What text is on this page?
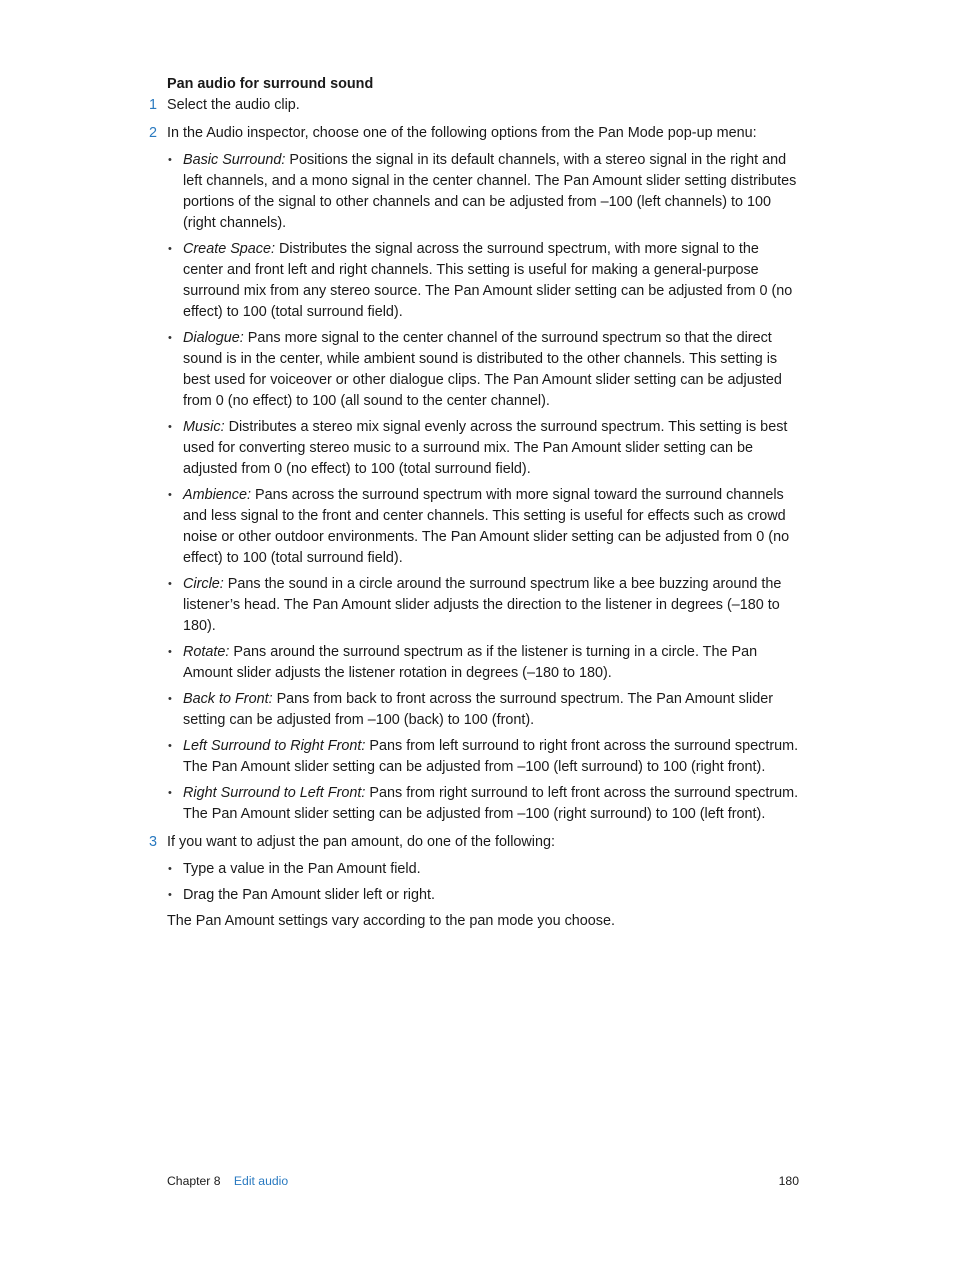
Pan audio for surround sound

1 Select the audio clip.
2 In the Audio inspector, choose one of the following options from the Pan Mode pop-up menu:
• Basic Surround: Positions the signal in its default channels, with a stereo signal in the right and left channels, and a mono signal in the center channel. The Pan Amount slider setting distributes portions of the signal to other channels and can be adjusted from –100 (left channels) to 100 (right channels).
• Create Space: Distributes the signal across the surround spectrum, with more signal to the center and front left and right channels. This setting is useful for making a general-purpose surround mix from any stereo source. The Pan Amount slider setting can be adjusted from 0 (no effect) to 100 (total surround field).
• Dialogue: Pans more signal to the center channel of the surround spectrum so that the direct sound is in the center, while ambient sound is distributed to the other channels. This setting is best used for voiceover or other dialogue clips. The Pan Amount slider setting can be adjusted from 0 (no effect) to 100 (all sound to the center channel).
• Music: Distributes a stereo mix signal evenly across the surround spectrum. This setting is best used for converting stereo music to a surround mix. The Pan Amount slider setting can be adjusted from 0 (no effect) to 100 (total surround field).
• Ambience: Pans across the surround spectrum with more signal toward the surround channels and less signal to the front and center channels. This setting is useful for effects such as crowd noise or other outdoor environments. The Pan Amount slider setting can be adjusted from 0 (no effect) to 100 (total surround field).
• Circle: Pans the sound in a circle around the surround spectrum like a bee buzzing around the listener’s head. The Pan Amount slider adjusts the direction to the listener in degrees (–180 to 180).
• Rotate: Pans around the surround spectrum as if the listener is turning in a circle. The Pan Amount slider adjusts the listener rotation in degrees (–180 to 180).
• Back to Front: Pans from back to front across the surround spectrum. The Pan Amount slider setting can be adjusted from –100 (back) to 100 (front).
• Left Surround to Right Front: Pans from left surround to right front across the surround spectrum. The Pan Amount slider setting can be adjusted from –100 (left surround) to 100 (right front).
• Right Surround to Left Front: Pans from right surround to left front across the surround spectrum. The Pan Amount slider setting can be adjusted from –100 (right surround) to 100 (left front).
3 If you want to adjust the pan amount, do one of the following:
• Type a value in the Pan Amount field.
• Drag the Pan Amount slider left or right.

The Pan Amount settings vary according to the pan mode you choose.

Chapter 8 Edit audio	180
